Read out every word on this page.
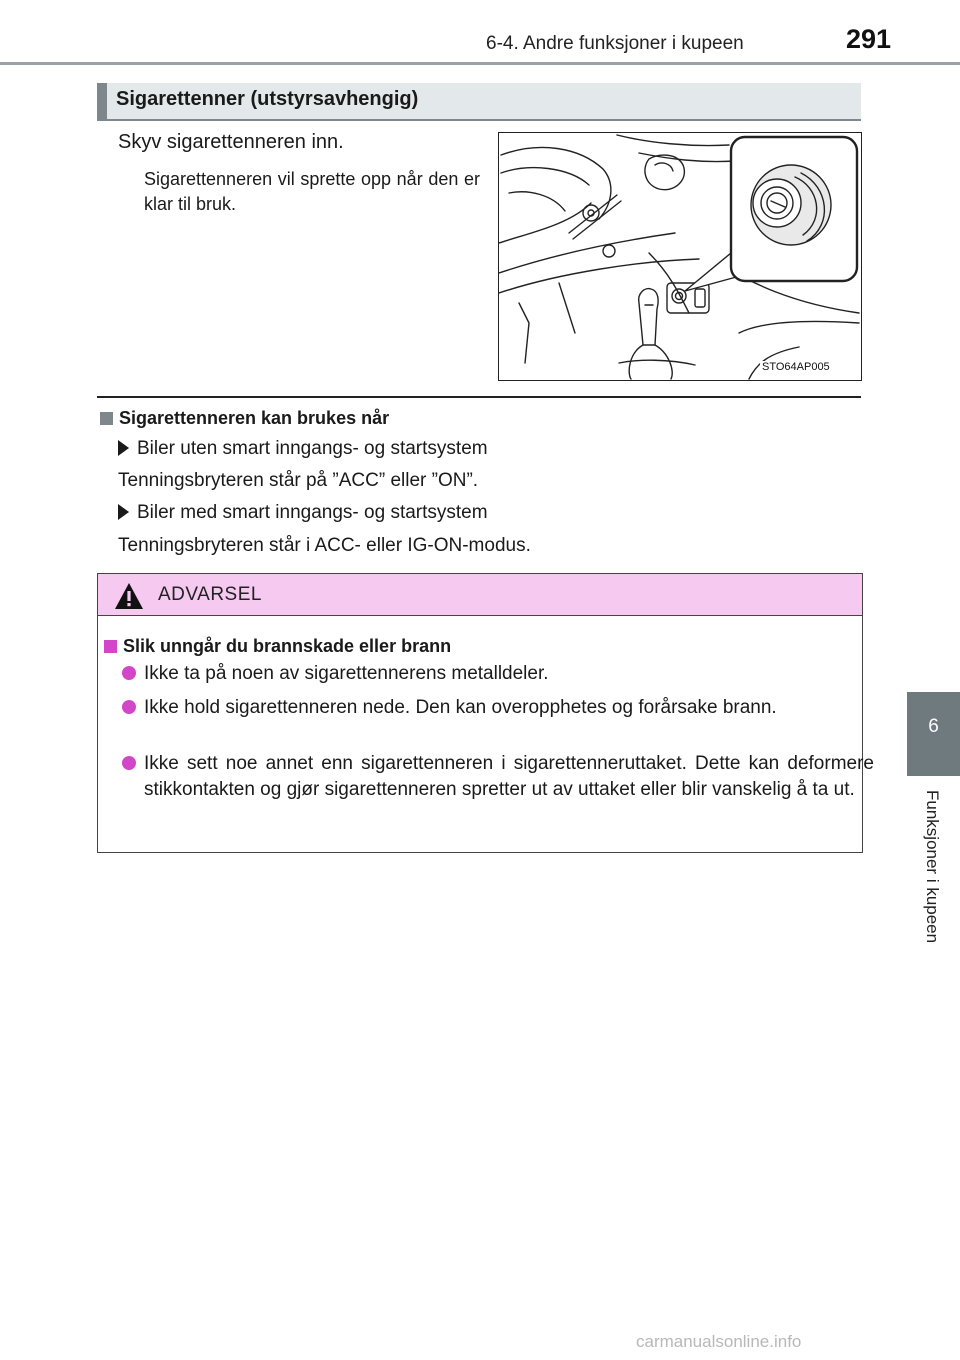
6-4. Andre funksjoner i kupeen	291
6
Funksjoner i kupeen
Sigarettenner (utstyrsavhengig)
Skyv sigarettenneren inn.
Sigarettenneren vil sprette opp når den er klar til bruk.
STO64AP005
Sigarettenneren kan brukes når
Biler uten smart inngangs- og startsystem
Tenningsbryteren står på ”ACC” eller ”ON”.
Biler med smart inngangs- og startsystem
Tenningsbryteren står i ACC- eller IG-ON-modus.
ADVARSEL
Slik unngår du brannskade eller brann
Ikke ta på noen av sigarettennerens metalldeler.
Ikke hold sigarettenneren nede. Den kan overopphetes og forårsake brann.
Ikke sett noe annet enn sigarettenneren i sigarettenneruttaket. Dette kan deformere stikkontakten og gjør sigarettenneren spretter ut av uttaket eller blir vanskelig å ta ut.
carmanualsonline.info
